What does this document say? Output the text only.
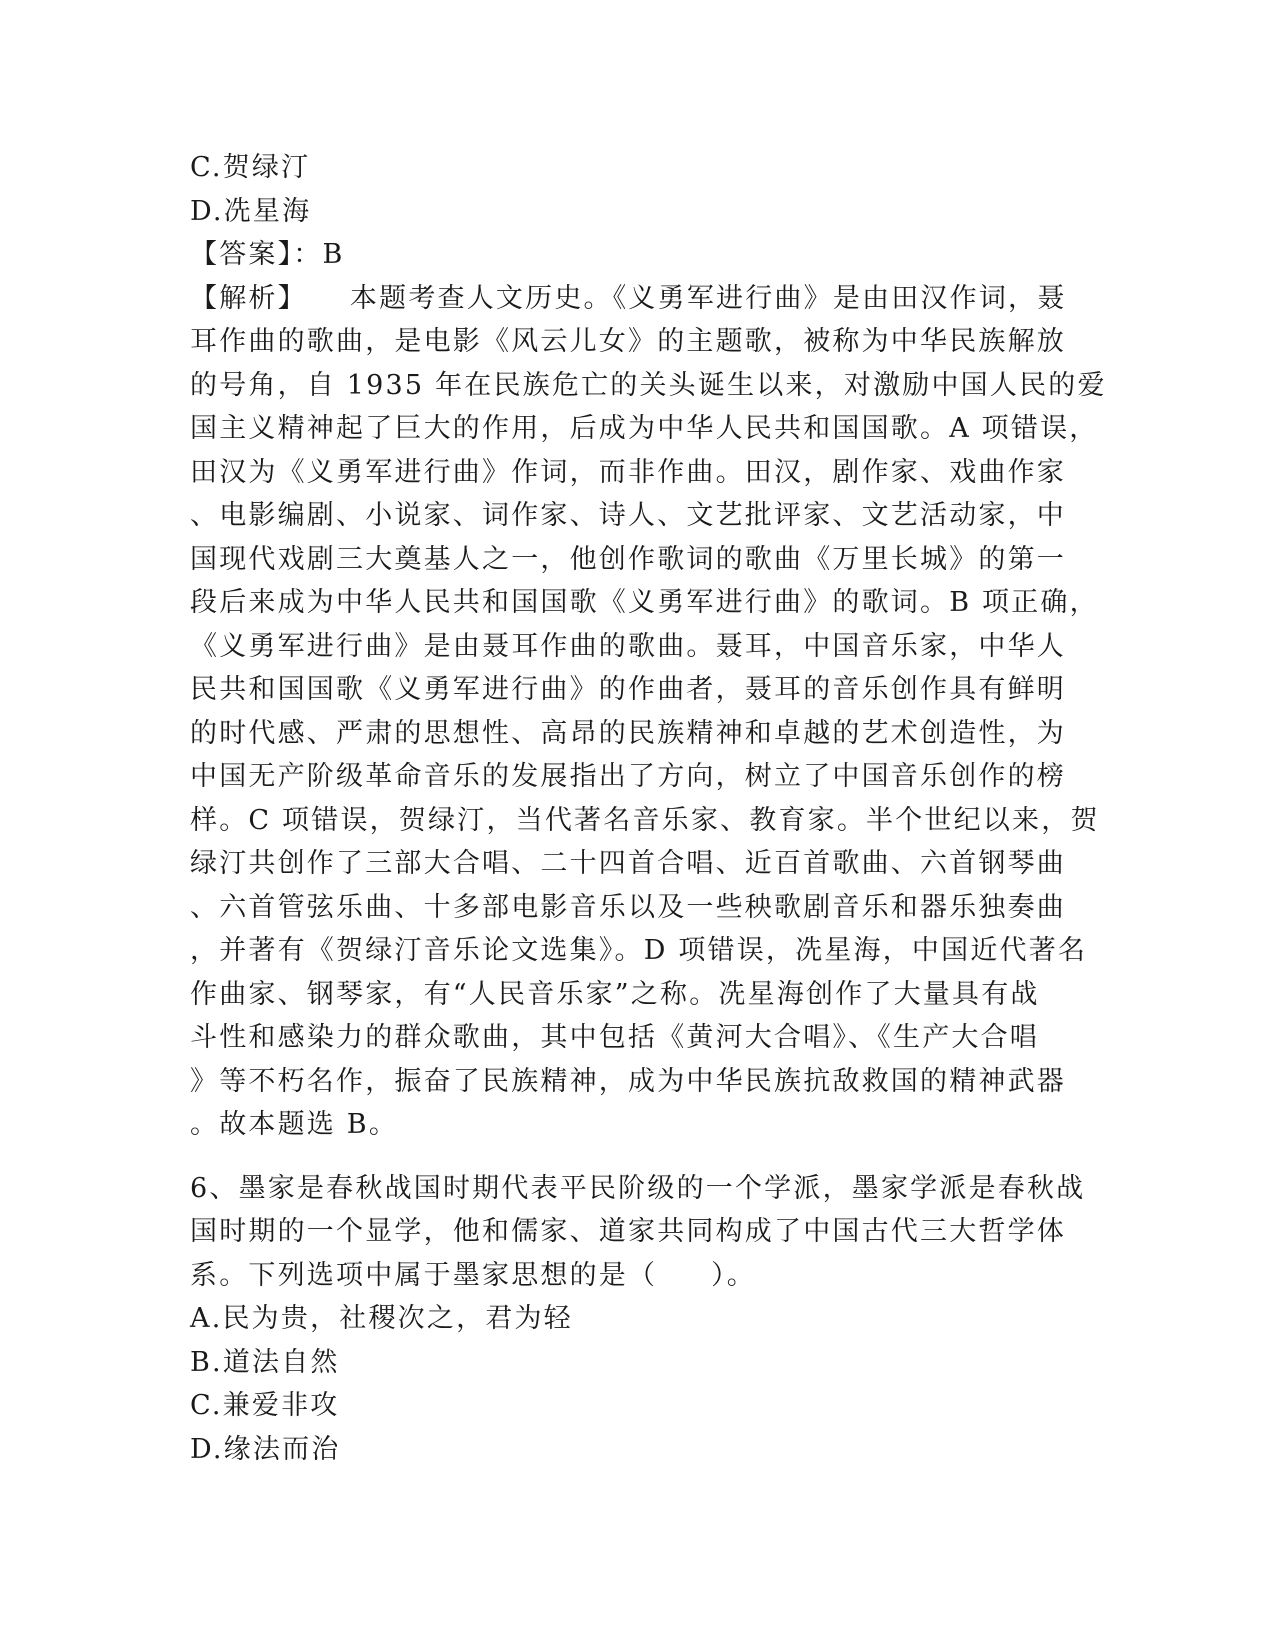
C.贺绿汀
D.冼星海
【答案】：B
【解析】    本题考查人文历史。《义勇军进行曲》是由田汉作词，聂
耳作曲的歌曲，是电影《风云儿女》的主题歌，被称为中华民族解放
的号角，自 1935 年在民族危亡的关头诞生以来，对激励中国人民的爱
国主义精神起了巨大的作用，后成为中华人民共和国国歌。A 项错误，
田汉为《义勇军进行曲》作词，而非作曲。田汉，剧作家、戏曲作家
、电影编剧、小说家、词作家、诗人、文艺批评家、文艺活动家，中
国现代戏剧三大奠基人之一，他创作歌词的歌曲《万里长城》的第一
段后来成为中华人民共和国国歌《义勇军进行曲》的歌词。B 项正确，
《义勇军进行曲》是由聂耳作曲的歌曲。聂耳，中国音乐家，中华人
民共和国国歌《义勇军进行曲》的作曲者，聂耳的音乐创作具有鲜明
的时代感、严肃的思想性、高昂的民族精神和卓越的艺术创造性，为
中国无产阶级革命音乐的发展指出了方向，树立了中国音乐创作的榜
样。C 项错误，贺绿汀，当代著名音乐家、教育家。半个世纪以来，贺
绿汀共创作了三部大合唱、二十四首合唱、近百首歌曲、六首钢琴曲
、六首管弦乐曲、十多部电影音乐以及一些秧歌剧音乐和器乐独奏曲
，并著有《贺绿汀音乐论文选集》。D 项错误，冼星海，中国近代著名
作曲家、钢琴家，有“人民音乐家”之称。冼星海创作了大量具有战
斗性和感染力的群众歌曲，其中包括《黄河大合唱》、《生产大合唱
》等不朽名作，振奋了民族精神，成为中华民族抗敌救国的精神武器
。故本题选 B。
6、墨家是春秋战国时期代表平民阶级的一个学派，墨家学派是春秋战
国时期的一个显学，他和儒家、道家共同构成了中国古代三大哲学体
系。下列选项中属于墨家思想的是（     ）。
A.民为贵，社稷次之，君为轻
B.道法自然
C.兼爱非攻
D.缘法而治
